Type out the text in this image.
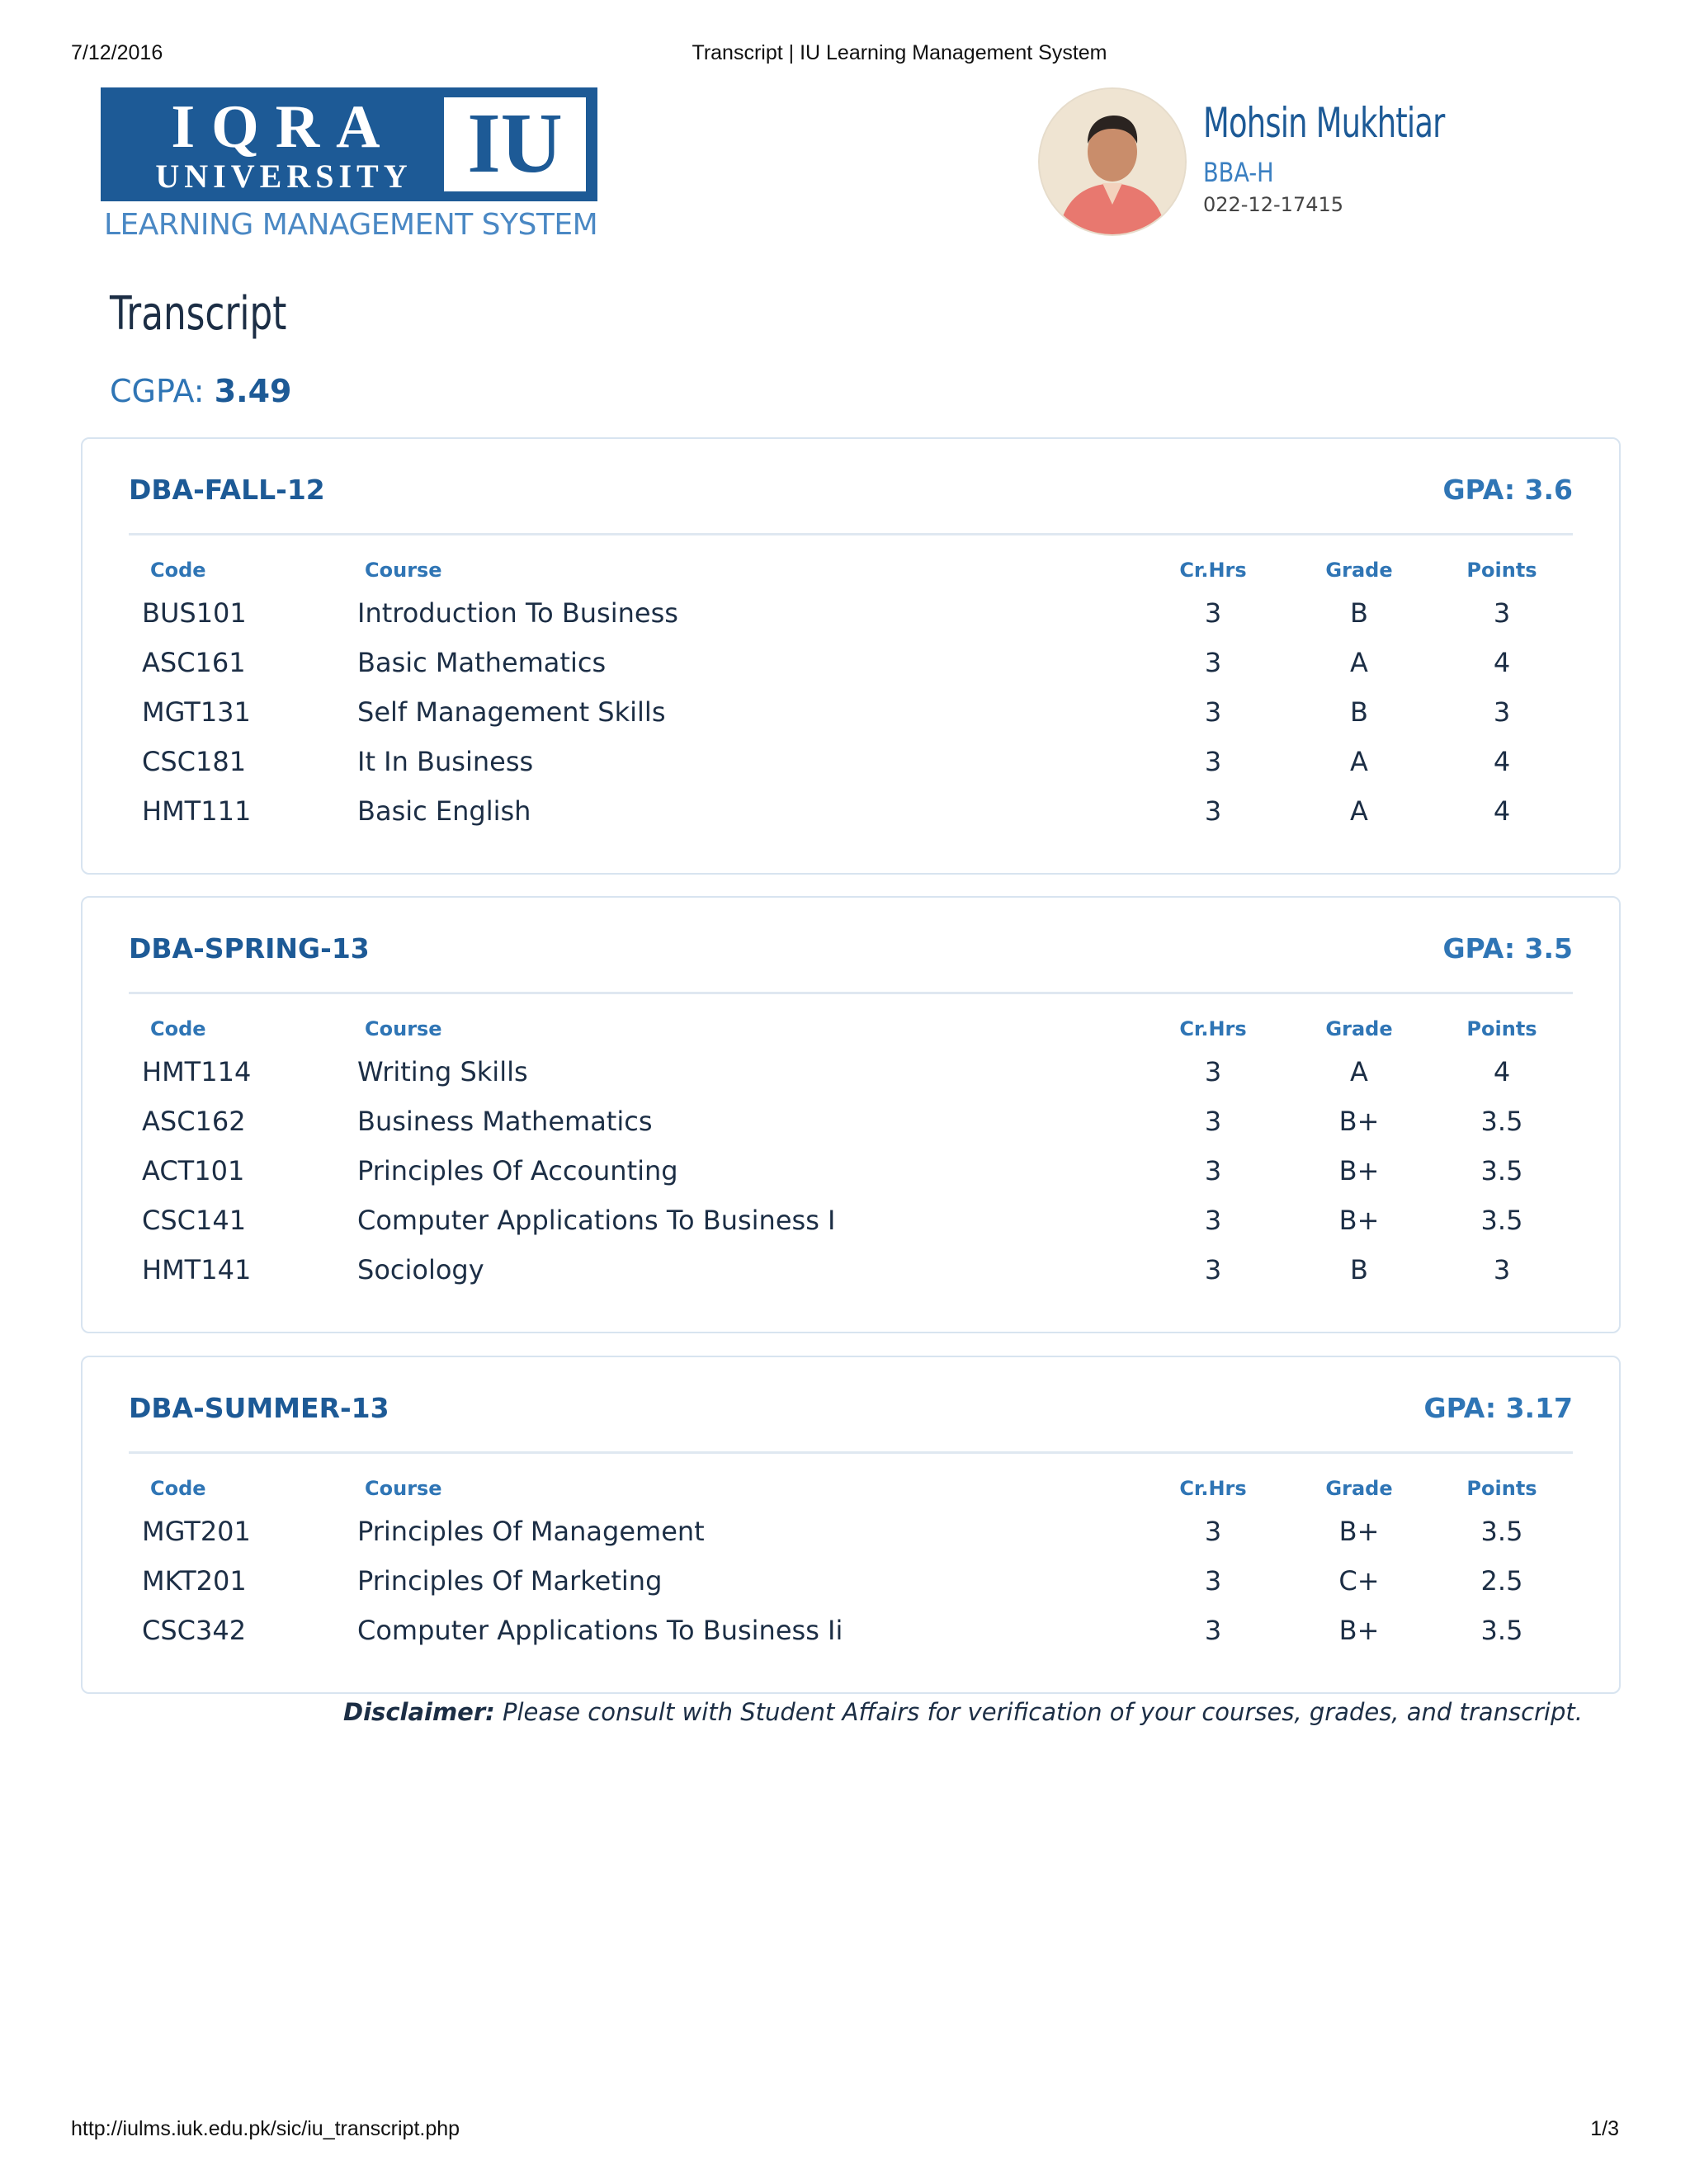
7/12/2016	Transcript | IU Learning Management System
IQRA
UNIVERSITY IU
LEARNING MANAGEMENT SYSTEM
Mohsin Mukhtiar
BBA-H
022-12-17415
Transcript
CGPA: 3.49
DBA-FALL-12	GPA: 3.6
Code	Course	Cr.Hrs	Grade	Points
BUS101	Introduction To Business	3	B	3
ASC161	Basic Mathematics	3	A	4
MGT131	Self Management Skills	3	B	3
CSC181	It In Business	3	A	4
HMT111	Basic English	3	A	4
DBA-SPRING-13	GPA: 3.5
Code	Course	Cr.Hrs	Grade	Points
HMT114	Writing Skills	3	A	4
ASC162	Business Mathematics	3	B+	3.5
ACT101	Principles Of Accounting	3	B+	3.5
CSC141	Computer Applications To Business I	3	B+	3.5
HMT141	Sociology	3	B	3
DBA-SUMMER-13	GPA: 3.17
Code	Course	Cr.Hrs	Grade	Points
MGT201	Principles Of Management	3	B+	3.5
MKT201	Principles Of Marketing	3	C+	2.5
CSC342	Computer Applications To Business Ii	3	B+	3.5
Disclaimer: Please consult with Student Affairs for verification of your courses, grades, and transcript.
http://iulms.iuk.edu.pk/sic/iu_transcript.php	1/3
